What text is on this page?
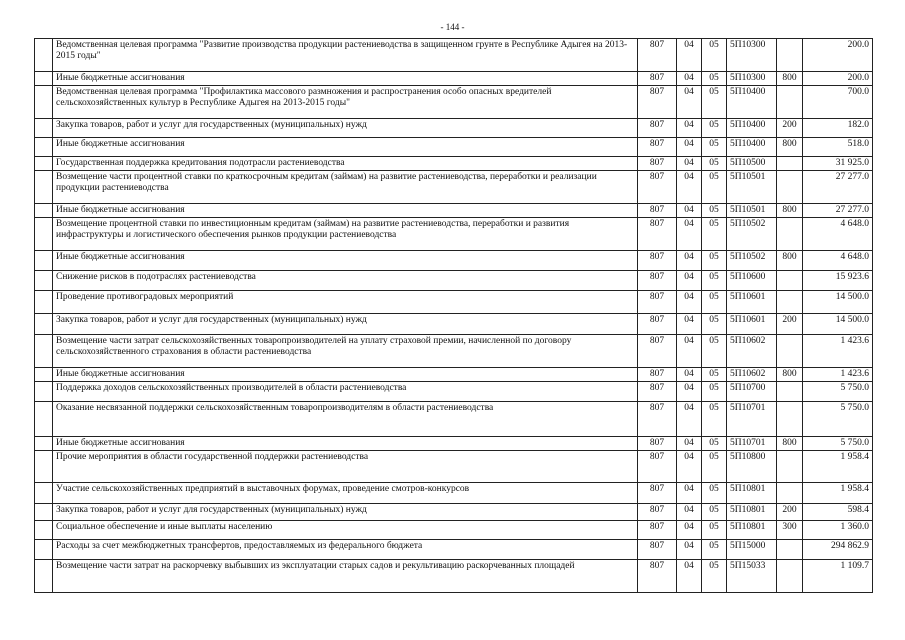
- 144 -
	Ведомственная целевая программа "Развитие производства продукции растениеводства в защищенном грунте в Республике Адыгея на 2013-2015 годы"	807	04	05	5П10300		200.0
	Иные бюджетные ассигнования	807	04	05	5П10300	800	200.0
	Ведомственная целевая программа "Профилактика массового размножения и распространения особо опасных вредителей сельскохозяйственных культур в Республике Адыгея на 2013-2015 годы"	807	04	05	5П10400		700.0
	Закупка товаров, работ и услуг для государственных (муниципальных) нужд	807	04	05	5П10400	200	182.0
	Иные бюджетные ассигнования	807	04	05	5П10400	800	518.0
	Государственная поддержка кредитования подотрасли растениеводства	807	04	05	5П10500		31 925.0
	Возмещение части процентной ставки по краткосрочным кредитам (займам) на развитие растениеводства, переработки и реализации продукции растениеводства	807	04	05	5П10501		27 277.0
	Иные бюджетные ассигнования	807	04	05	5П10501	800	27 277.0
	Возмещение процентной ставки по инвестиционным кредитам (займам) на развитие растениеводства, переработки и развития инфраструктуры и логистического обеспечения рынков продукции растениеводства	807	04	05	5П10502		4 648.0
	Иные бюджетные ассигнования	807	04	05	5П10502	800	4 648.0
	Снижение рисков в подотраслях растениеводства	807	04	05	5П10600		15 923.6
	Проведение противоградовых мероприятий	807	04	05	5П10601		14 500.0
	Закупка товаров, работ и услуг для государственных (муниципальных) нужд	807	04	05	5П10601	200	14 500.0
	Возмещение части затрат сельскохозяйственных товаропроизводителей на уплату страховой премии, начисленной по договору сельскохозяйственного страхования в области растениеводства	807	04	05	5П10602		1 423.6
	Иные бюджетные ассигнования	807	04	05	5П10602	800	1 423.6
	Поддержка доходов сельскохозяйственных производителей в области растениеводства	807	04	05	5П10700		5 750.0
	Оказание несвязанной поддержки сельскохозяйственным товаропроизводителям в области растениеводства	807	04	05	5П10701		5 750.0
	Иные бюджетные ассигнования	807	04	05	5П10701	800	5 750.0
	Прочие мероприятия в области государственной поддержки растениеводства	807	04	05	5П10800		1 958.4
	Участие сельскохозяйственных предприятий в выставочных форумах, проведение смотров-конкурсов	807	04	05	5П10801		1 958.4
	Закупка товаров, работ и услуг для государственных (муниципальных) нужд	807	04	05	5П10801	200	598.4
	Социальное обеспечение и иные выплаты населению	807	04	05	5П10801	300	1 360.0
	Расходы за счет межбюджетных трансфертов, предоставляемых из федерального бюджета	807	04	05	5П15000		294 862.9
	Возмещение части затрат на раскорчевку выбывших из эксплуатации старых садов и рекультивацию раскорчеванных площадей	807	04	05	5П15033		1 109.7
